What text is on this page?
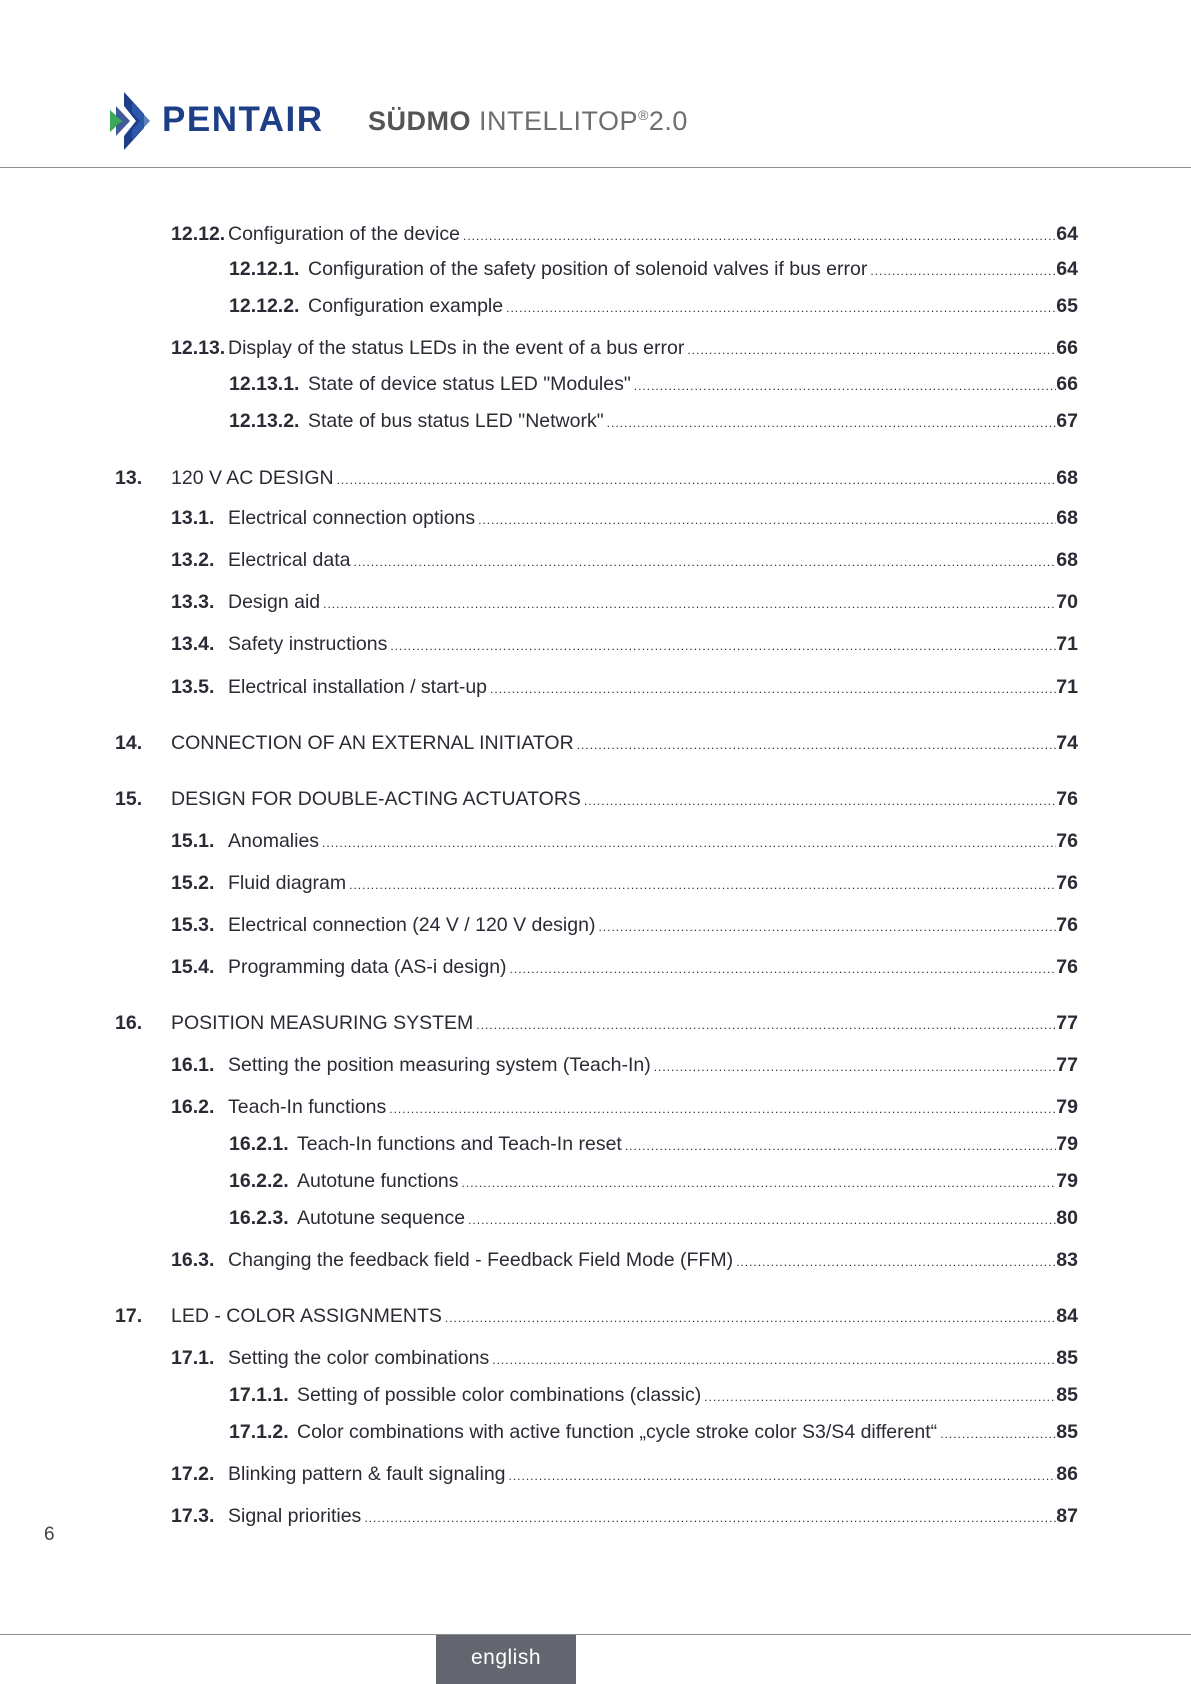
PENTAIR SÜDMO INTELLITOP®2.0
12.12. Configuration of the device .....	64
12.12.1. Configuration of the safety position of solenoid valves if bus error .....	64
12.12.2. Configuration example .....	65
12.13. Display of the status LEDs in the event of a bus error .....	66
12.13.1. State of device status LED "Modules" .....	66
12.13.2. State of bus status LED "Network" .....	67
13. 120 V AC DESIGN .....	68
13.1. Electrical connection options .....	68
13.2. Electrical data .....	68
13.3. Design aid .....	70
13.4. Safety instructions .....	71
13.5. Electrical installation / start-up .....	71
14. CONNECTION OF AN EXTERNAL INITIATOR .....	74
15. DESIGN FOR DOUBLE-ACTING ACTUATORS .....	76
15.1. Anomalies .....	76
15.2. Fluid diagram .....	76
15.3. Electrical connection (24 V / 120 V design) .....	76
15.4. Programming data (AS-i design) .....	76
16. POSITION MEASURING SYSTEM .....	77
16.1. Setting the position measuring system (Teach-In) .....	77
16.2. Teach-In functions .....	79
16.2.1. Teach-In functions and Teach-In reset .....	79
16.2.2. Autotune functions .....	79
16.2.3. Autotune sequence .....	80
16.3. Changing the feedback field - Feedback Field Mode (FFM) .....	83
17. LED - COLOR ASSIGNMENTS .....	84
17.1. Setting the color combinations .....	85
17.1.1. Setting of possible color combinations (classic) .....	85
17.1.2. Color combinations with active function „cycle stroke color S3/S4 different“ .....	85
17.2. Blinking pattern & fault signaling .....	86
17.3. Signal priorities .....	87
6
english
